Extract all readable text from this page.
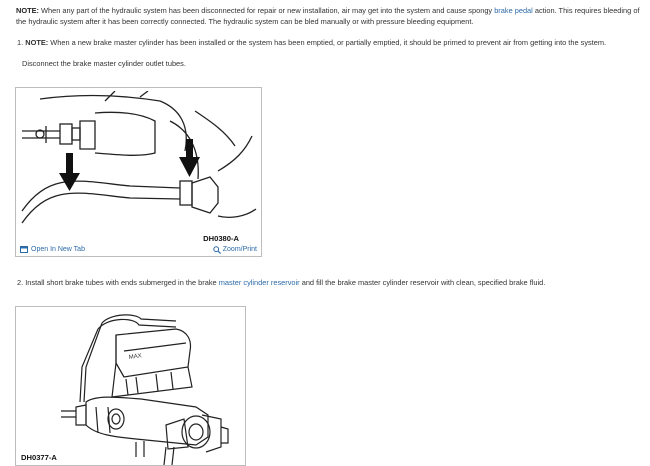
NOTE: When any part of the hydraulic system has been disconnected for repair or new installation, air may get into the system and cause spongy brake pedal action. This requires bleeding of the hydraulic system after it has been correctly connected. The hydraulic system can be bled manually or with pressure bleeding equipment.
1. NOTE: When a new brake master cylinder has been installed or the system has been emptied, or partially emptied, it should be primed to prevent air from getting into the system.
Disconnect the brake master cylinder outlet tubes.
DH0380-A
Open In New Tab	Zoom/Print
2. Install short brake tubes with ends submerged in the brake master cylinder reservoir and fill the brake master cylinder reservoir with clean, specified brake fluid.
MAX
DH0377-A
